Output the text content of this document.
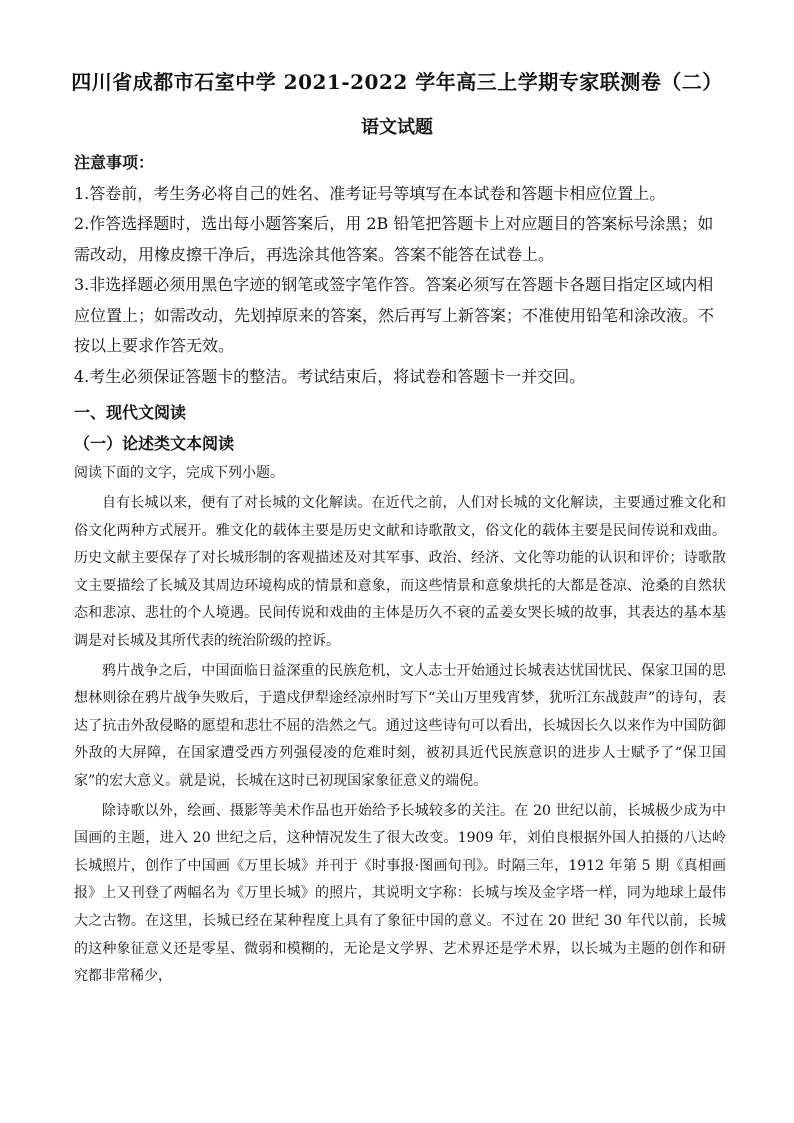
四川省成都市石室中学 2021-2022 学年高三上学期专家联测卷（二）
语文试题

注意事项：

1.答卷前，考生务必将自己的姓名、准考证号等填写在本试卷和答题卡相应位置上。

2.作答选择题时，选出每小题答案后，用 2B 铅笔把答题卡上对应题目的答案标号涂黑；如需改动，用橡皮擦干净后，再选涂其他答案。答案不能答在试卷上。

3.非选择题必须用黑色字迹的钢笔或签字笔作答。答案必须写在答题卡各题目指定区域内相应位置上；如需改动，先划掉原来的答案，然后再写上新答案；不准使用铅笔和涂改液。不按以上要求作答无效。

4.考生必须保证答题卡的整洁。考试结束后，将试卷和答题卡一并交回。

一、现代文阅读
（一）论述类文本阅读
阅读下面的文字，完成下列小题。

自有长城以来，便有了对长城的文化解读。在近代之前，人们对长城的文化解读，主要通过雅文化和俗文化两种方式展开。雅文化的载体主要是历史文献和诗歌散文，俗文化的载体主要是民间传说和戏曲。历史文献主要保存了对长城形制的客观描述及对其军事、政治、经济、文化等功能的认识和评价；诗歌散文主要描绘了长城及其周边环境构成的情景和意象，而这些情景和意象烘托的大都是苍凉、沧桑的自然状态和悲凉、悲壮的个人境遇。民间传说和戏曲的主体是历久不衰的孟姜女哭长城的故事，其表达的基本基调是对长城及其所代表的统治阶级的控诉。

鸦片战争之后，中国面临日益深重的民族危机，文人志士开始通过长城表达忧国忧民、保家卫国的思想林则徐在鸦片战争失败后，于遣戍伊犁途经凉州时写下“关山万里残宵梦，犹听江东战鼓声”的诗句，表达了抗击外敌侵略的愿望和悲壮不屈的浩然之气。通过这些诗句可以看出，长城因长久以来作为中国防御外敌的大屏障，在国家遭受西方列强侵凌的危难时刻，被初具近代民族意识的进步人士赋予了“保卫国家”的宏大意义。就是说，长城在这时已初现国家象征意义的端倪。

除诗歌以外，绘画、摄影等美术作品也开始给予长城较多的关注。在 20 世纪以前，长城极少成为中国画的主题，进入 20 世纪之后，这种情况发生了很大改变。1909 年，刘伯良根据外国人拍摄的八达岭长城照片，创作了中国画《万里长城》并刊于《时事报·图画旬刊》。时隔三年，1912 年第 5 期《真相画报》上又刊登了两幅名为《万里长城》的照片，其说明文字称：长城与埃及金字塔一样，同为地球上最伟大之古物。在这里，长城已经在某种程度上具有了象征中国的意义。不过在 20 世纪 30 年代以前，长城的这种象征意义还是零星、微弱和模糊的，无论是文学界、艺术界还是学术界，以长城为主题的创作和研究都非常稀少，
